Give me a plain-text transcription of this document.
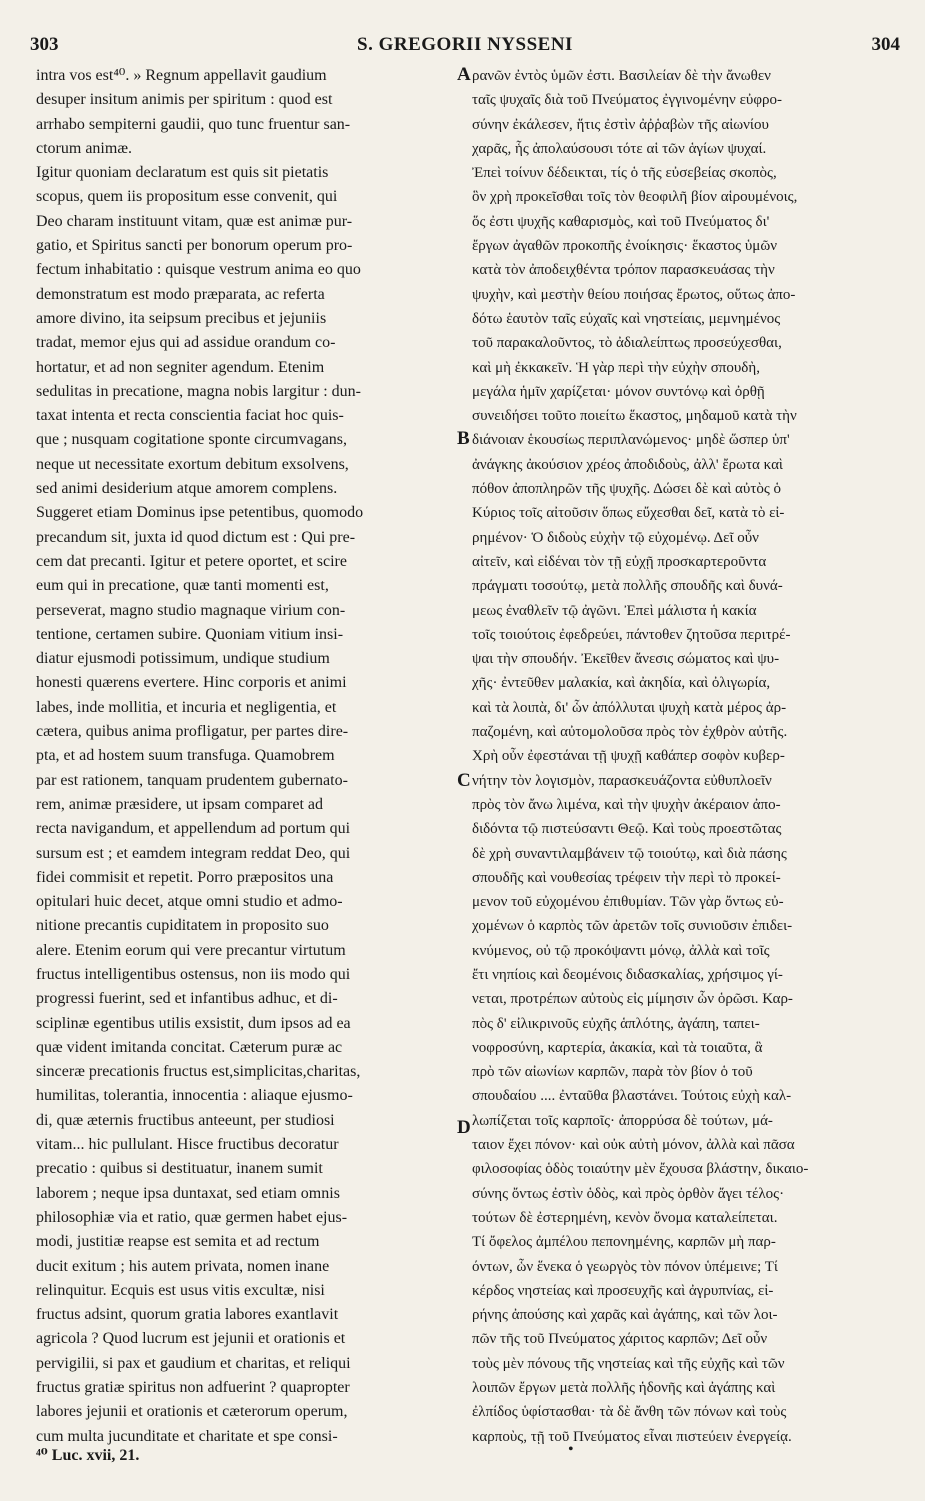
303	S. GREGORII NYSSENI	304
intra vos est⁴⁰. » Regnum appellavit gaudium
desuper insitum animis per spiritum : quod est
arrhabo sempiterni gaudii, quo tunc fruentur san-
ctorum animæ.
Igitur quoniam declaratum est quis sit pietatis
scopus, quem iis propositum esse convenit, qui
Deo charam instituunt vitam, quæ est animæ pur-
gatio, et Spiritus sancti per bonorum operum pro-
fectum inhabitatio : quisque vestrum anima eo quo
demonstratum est modo præparata, ac referta
amore divino, ita seipsum precibus et jejuniis
tradat, memor ejus qui ad assidue orandum co-
hortatur, et ad non segniter agendum. Etenim
sedulitas in precatione, magna nobis largitur : dun-
taxat intenta et recta conscientia faciat hoc quis-
que ; nusquam cogitatione sponte circumvagans,
neque ut necessitate exortum debitum exsolvens,
sed animi desiderium atque amorem complens.
Suggeret etiam Dominus ipse petentibus, quomodo
precandum sit, juxta id quod dictum est : Qui pre-
cem dat precanti. Igitur et petere oportet, et scire
eum qui in precatione, quæ tanti momenti est,
perseverat, magno studio magnaque virium con-
tentione, certamen subire. Quoniam vitium insi-
diatur ejusmodi potissimum, undique studium
honesti quærens evertere. Hinc corporis et animi
labes, inde mollitia, et incuria et negligentia, et
cætera, quibus anima profligatur, per partes dire-
pta, et ad hostem suum transfuga. Quamobrem
par est rationem, tanquam prudentem gubernato-
rem, animæ præsidere, ut ipsam comparet ad
recta navigandum, et appellendum ad portum qui
sursum est ; et eamdem integram reddat Deo, qui
fidei commisit et repetit. Porro præpositos una
opitulari huic decet, atque omni studio et admo-
nitione precantis cupiditatem in proposito suo
alere. Etenim eorum qui vere precantur virtutum
fructus intelligentibus ostensus, non iis modo qui
progressi fuerint, sed et infantibus adhuc, et di-
sciplinæ egentibus utilis exsistit, dum ipsos ad ea
quæ vident imitanda concitat. Cæterum puræ ac
sinceræ precationis fructus est,simplicitas,charitas,
humilitas, tolerantia, innocentia : aliaque ejusmo-
di, quæ æternis fructibus anteeunt, per studiosi
vitam... hic pullulant. Hisce fructibus decoratur
precatio : quibus si destituatur, inanem sumit
laborem ; neque ipsa duntaxat, sed etiam omnis
philosophiæ via et ratio, quæ germen habet ejus-
modi, justitiæ reapse est semita et ad rectum
ducit exitum ; his autem privata, nomen inane
relinquitur. Ecquis est usus vitis excultæ, nisi
fructus adsint, quorum gratia labores exantlavit
agricola ? Quod lucrum est jejunii et orationis et
pervigilii, si pax et gaudium et charitas, et reliqui
fructus gratiæ spiritus non adfuerint ? quapropter
labores jejunii et orationis et cæterorum operum,
cum multa jucunditate et charitate et spe consi-
ρανῶν ἐντὸς ὑμῶν ἐστι. Βασιλείαν δὲ τὴν ἄνωθεν
ταῖς ψυχαῖς διὰ τοῦ Πνεύματος ἐγγινομένην εὐφρο-
σύνην ἐκάλεσεν, ἥτις ἐστὶν ἀῤῥαβὼν τῆς αἰωνίου
χαρᾶς, ἧς ἀπολαύσουσι τότε αἱ τῶν ἁγίων ψυχαί.
Ἐπεὶ τοίνυν δέδεικται, τίς ὁ τῆς εὐσεβείας σκοπὸς,
ὃν χρὴ προκεῖσθαι τοῖς τὸν θεοφιλῆ βίον αἱρουμένοις,
ὅς ἐστι ψυχῆς καθαρισμὸς, καὶ τοῦ Πνεύματος δι'
ἔργων ἀγαθῶν προκοπῆς ἐνοίκησις· ἕκαστος ὑμῶν
κατὰ τὸν ἀποδειχθέντα τρόπον παρασκευάσας τὴν
ψυχὴν, καὶ μεστὴν θείου ποιήσας ἔρωτος, οὕτως ἀπο-
δότω ἑαυτὸν ταῖς εὐχαῖς καὶ νηστείαις, μεμνημένος
τοῦ παρακαλοῦντος, τὸ ἀδιαλείπτως προσεύχεσθαι,
καὶ μὴ ἐκκακεῖν. Ἡ γὰρ περὶ τὴν εὐχὴν σπουδὴ,
μεγάλα ἡμῖν χαρίζεται· μόνον συντόνῳ καὶ ὀρθῇ
συνειδήσει τοῦτο ποιείτω ἕκαστος, μηδαμοῦ κατὰ τὴν
διάνοιαν ἑκουσίως περιπλανώμενος· μηδὲ ὥσπερ ὑπ'
ἀνάγκης ἀκούσιον χρέος ἀποδιδοὺς, ἀλλ' ἔρωτα καὶ
πόθον ἀποπληρῶν τῆς ψυχῆς. Δώσει δὲ καὶ αὐτὸς ὁ
Κύριος τοῖς αἰτοῦσιν ὅπως εὔχεσθαι δεῖ, κατὰ τὸ εἰ-
ρημένον· Ὁ διδοὺς εὐχὴν τῷ εὐχομένῳ. Δεῖ οὖν
αἰτεῖν, καὶ εἰδέναι τὸν τῇ εὐχῇ προσκαρτεροῦντα
πράγματι τοσούτῳ, μετὰ πολλῆς σπουδῆς καὶ δυνά-
μεως ἐναθλεῖν τῷ ἀγῶνι. Ἐπεὶ μάλιστα ἡ κακία
τοῖς τοιούτοις ἐφεδρεύει, πάντοθεν ζητοῦσα περιτρέ-
ψαι τὴν σπουδήν. Ἐκεῖθεν ἄνεσις σώματος καὶ ψυ-
χῆς· ἐντεῦθεν μαλακία, καὶ ἀκηδία, καὶ ὀλιγωρία,
καὶ τὰ λοιπὰ, δι' ὧν ἀπόλλυται ψυχὴ κατὰ μέρος ἀρ-
παζομένη, καὶ αὐτομολοῦσα πρὸς τὸν ἐχθρὸν αὐτῆς.
Χρὴ οὖν ἐφεστάναι τῇ ψυχῇ καθάπερ σοφὸν κυβερ-
νήτην τὸν λογισμὸν, παρασκευάζοντα εὐθυπλοεῖν
πρὸς τὸν ἄνω λιμένα, καὶ τὴν ψυχὴν ἀκέραιον ἀπο-
διδόντα τῷ πιστεύσαντι Θεῷ. Καὶ τοὺς προεστῶτας
δὲ χρὴ συναντιλαμβάνειν τῷ τοιούτῳ, καὶ διὰ πάσης
σπουδῆς καὶ νουθεσίας τρέφειν τὴν περὶ τὸ προκεί-
μενον τοῦ εὐχομένου ἐπιθυμίαν. Τῶν γὰρ ὄντως εὐ-
χομένων ὁ καρπὸς τῶν ἀρετῶν τοῖς συνιοῦσιν ἐπιδει-
κνύμενος, οὐ τῷ προκόψαντι μόνῳ, ἀλλὰ καὶ τοῖς
ἔτι νηπίοις καὶ δεομένοις διδασκαλίας, χρήσιμος γί-
νεται, προτρέπων αὐτοὺς εἰς μίμησιν ὧν ὁρῶσι. Καρ-
πὸς δ' εἰλικρινοῦς εὐχῆς ἁπλότης, ἀγάπη, ταπει-
νοφροσύνη, καρτερία, ἀκακία, καὶ τὰ τοιαῦτα, ἃ
πρὸ τῶν αἰωνίων καρπῶν, παρὰ τὸν βίον ὁ τοῦ
σπουδαίου .... ἐνταῦθα βλαστάνει. Τούτοις εὐχὴ καλ-
λωπίζεται τοῖς καρποῖς· ἀπορρύσα δὲ τούτων, μά-
ταιον ἔχει πόνον· καὶ οὐκ αὐτὴ μόνον, ἀλλὰ καὶ πᾶσα
φιλοσοφίας ὁδὸς τοιαύτην μὲν ἔχουσα βλάστην, δικαιο-
σύνης ὄντως ἐστὶν ὁδὸς, καὶ πρὸς ὀρθὸν ἄγει τέλος·
τούτων δὲ ἐστερημένη, κενὸν ὄνομα καταλείπεται.
Τί ὄφελος ἀμπέλου πεπονημένης, καρπῶν μὴ παρ-
όντων, ὧν ἕνεκα ὁ γεωργὸς τὸν πόνον ὑπέμεινε; Τί
κέρδος νηστείας καὶ προσευχῆς καὶ ἀγρυπνίας, εἰ-
ρήνης ἀπούσης καὶ χαρᾶς καὶ ἀγάπης, καὶ τῶν λοι-
πῶν τῆς τοῦ Πνεύματος χάριτος καρπῶν; Δεῖ οὖν
τοὺς μὲν πόνους τῆς νηστείας καὶ τῆς εὐχῆς καὶ τῶν
λοιπῶν ἔργων μετὰ πολλῆς ἡδονῆς καὶ ἀγάπης καὶ
ἐλπίδος ὑφίστασθαι· τὰ δὲ ἄνθη τῶν πόνων καὶ τοὺς
καρποὺς, τῇ τοῦ Πνεύματος εἶναι πιστεύειν ἐνεργείᾳ.
A
B
C
D
⁴⁰ Luc. xvii, 21.	•
